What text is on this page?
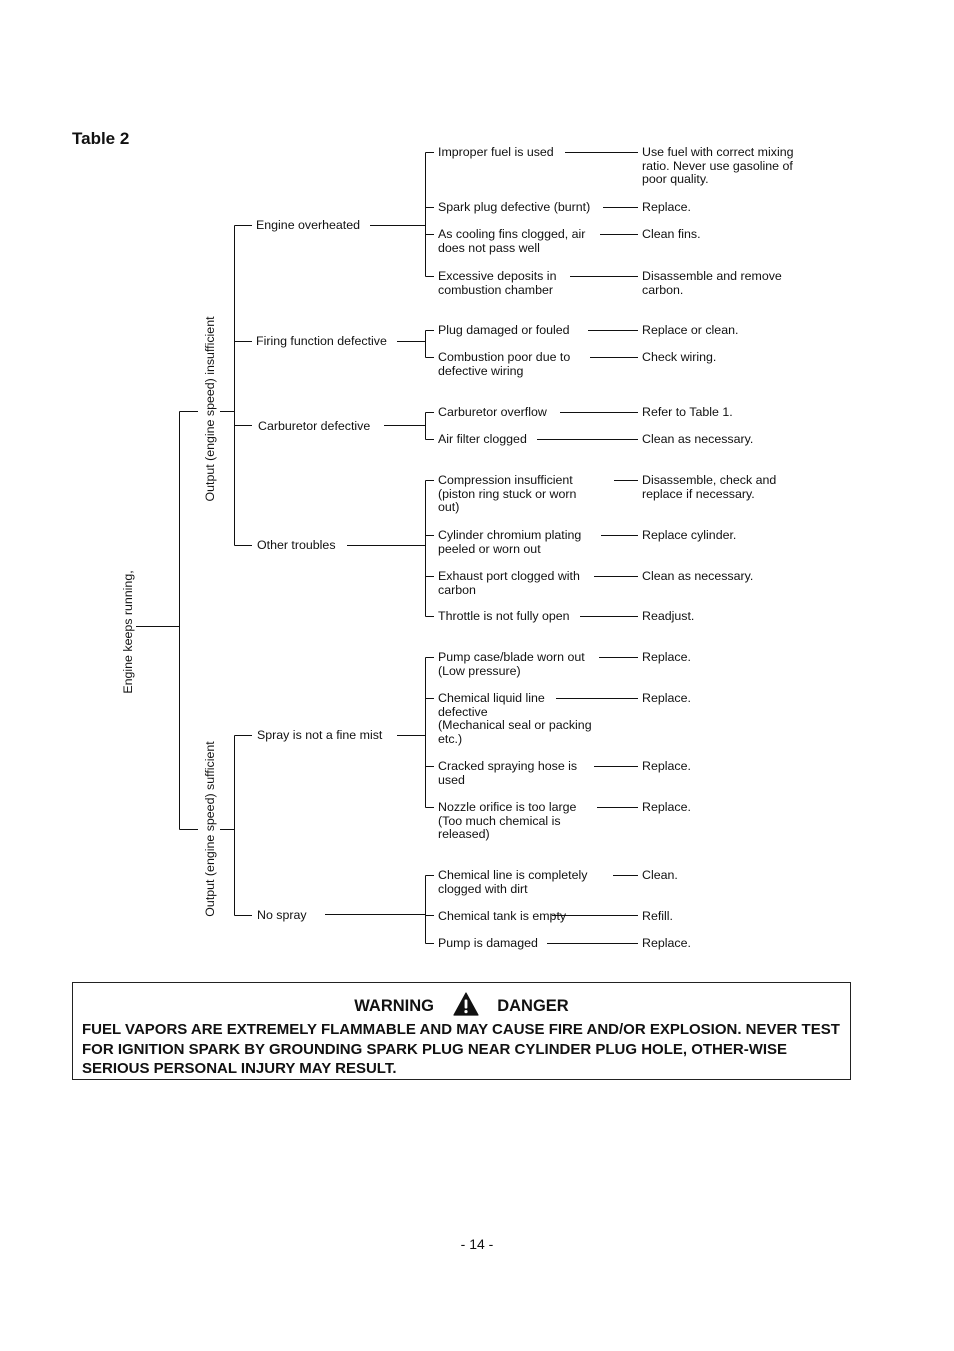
Table 2
Engine keeps running,
Output (engine speed) insufficient
Output (engine speed) sufficient
Engine overheated
Firing function defective
Carburetor defective
Other troubles
Spray is not a fine mist
No spray
Improper fuel is used
Spark plug defective (burnt)
As cooling fins clogged, air
does not pass well
Excessive deposits in
combustion chamber
Plug damaged or fouled
Combustion poor due to
defective wiring
Carburetor overflow
Air filter clogged
Compression insufficient
(piston ring stuck or worn
out)
Cylinder chromium plating
peeled or worn out
Exhaust port clogged with
carbon
Throttle is not fully open
Pump case/blade worn out
(Low pressure)
Chemical liquid line
defective
(Mechanical seal or packing
etc.)
Cracked spraying hose is
used
Nozzle orifice is too large
(Too much chemical is
released)
Chemical line is completely
clogged with dirt
Chemical tank is empty
Pump is damaged
Use fuel with correct mixing
ratio. Never use gasoline of
poor quality.
Replace.
Clean fins.
Disassemble and remove
carbon.
Replace or clean.
Check wiring.
Refer to Table 1.
Clean as necessary.
Disassemble, check and
replace if necessary.
Replace cylinder.
Clean as necessary.
Readjust.
Replace.
Replace.
Replace.
Replace.
Clean.
Refill.
Replace.
WARNING	DANGER
FUEL VAPORS ARE EXTREMELY FLAMMABLE AND MAY CAUSE FIRE AND/OR EXPLOSION. NEVER TEST FOR IGNITION SPARK BY GROUNDING SPARK PLUG NEAR CYLINDER PLUG HOLE, OTHER-WISE SERIOUS PERSONAL INJURY MAY RESULT.
- 14 -
